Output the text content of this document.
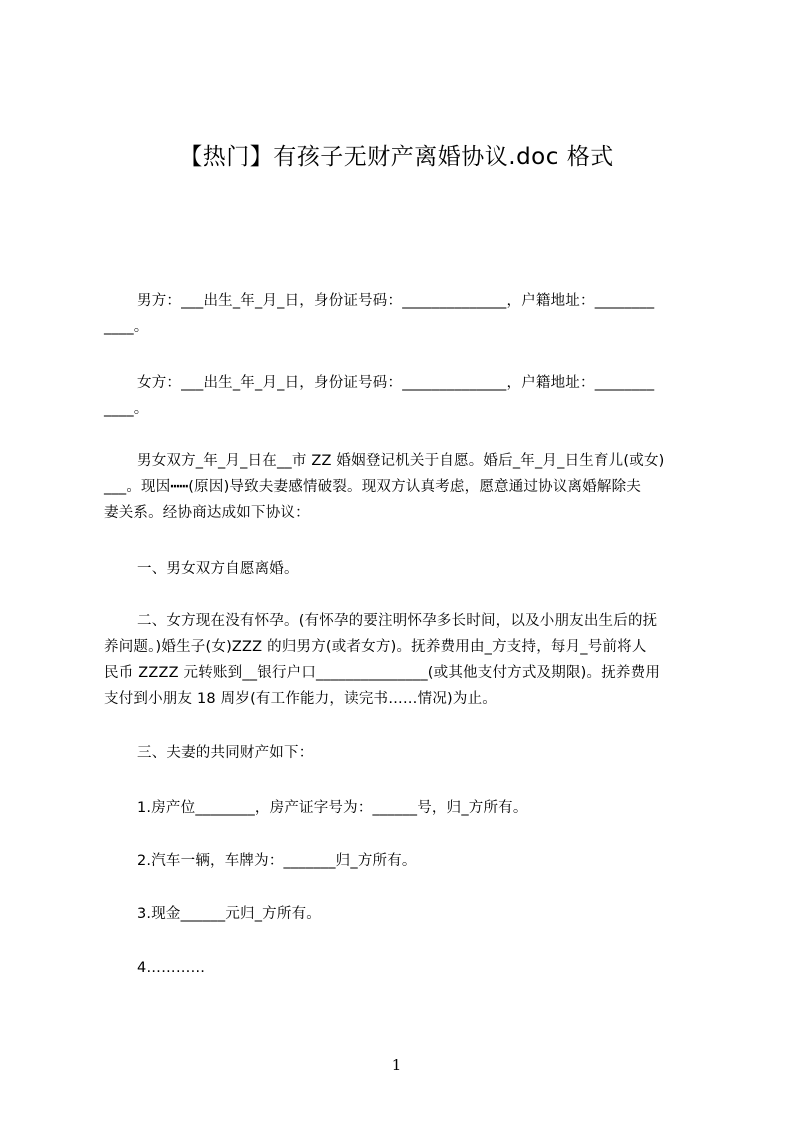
【热门】有孩子无财产离婚协议.doc 格式
男方：___出生_年_月_日，身份证号码：______________，户籍地址：________
____。
女方：___出生_年_月_日，身份证号码：______________，户籍地址：________
____。
男女双方_年_月_日在__市 ZZ 婚姻登记机关于自愿。婚后_年_月_日生育儿(或女)
___。现因┅┅(原因)导致夫妻感情破裂。现双方认真考虑，愿意通过协议离婚解除夫
妻关系。经协商达成如下协议：
一、男女双方自愿离婚。
二、女方现在没有怀孕。(有怀孕的要注明怀孕多长时间，以及小朋友出生后的抚
养问题。)婚生子(女)ZZZ 的归男方(或者女方)。抚养费用由_方支持，每月_号前将人
民币 ZZZZ 元转账到__银行户口_______________(或其他支付方式及期限)。抚养费用
支付到小朋友 18 周岁(有工作能力，读完书……情况)为止。
三、夫妻的共同财产如下：
1.房产位________，房产证字号为：______号，归_方所有。
2.汽车一辆，车牌为：_______归_方所有。
3.现金______元归_方所有。
4…………
1
